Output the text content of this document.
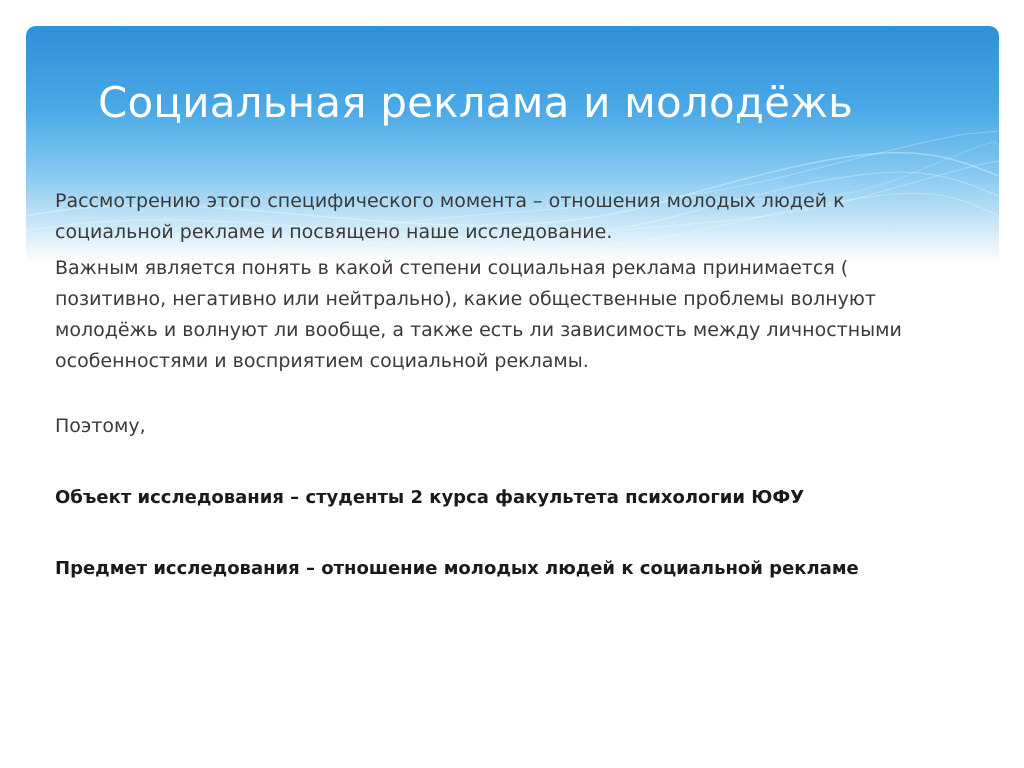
Социальная реклама и молодёжь

Рассмотрению этого специфического момента – отношения молодых людей к социальной рекламе и посвящено наше исследование.

Важным является понять в какой степени социальная реклама принимается ( позитивно, негативно или нейтрально), какие общественные проблемы волнуют молодёжь и волнуют ли вообще, а также есть ли зависимость между личностными особенностями и восприятием социальной рекламы.

Поэтому,

Объект исследования – студенты 2 курса факультета психологии ЮФУ

Предмет исследования – отношение молодых людей к социальной рекламе
